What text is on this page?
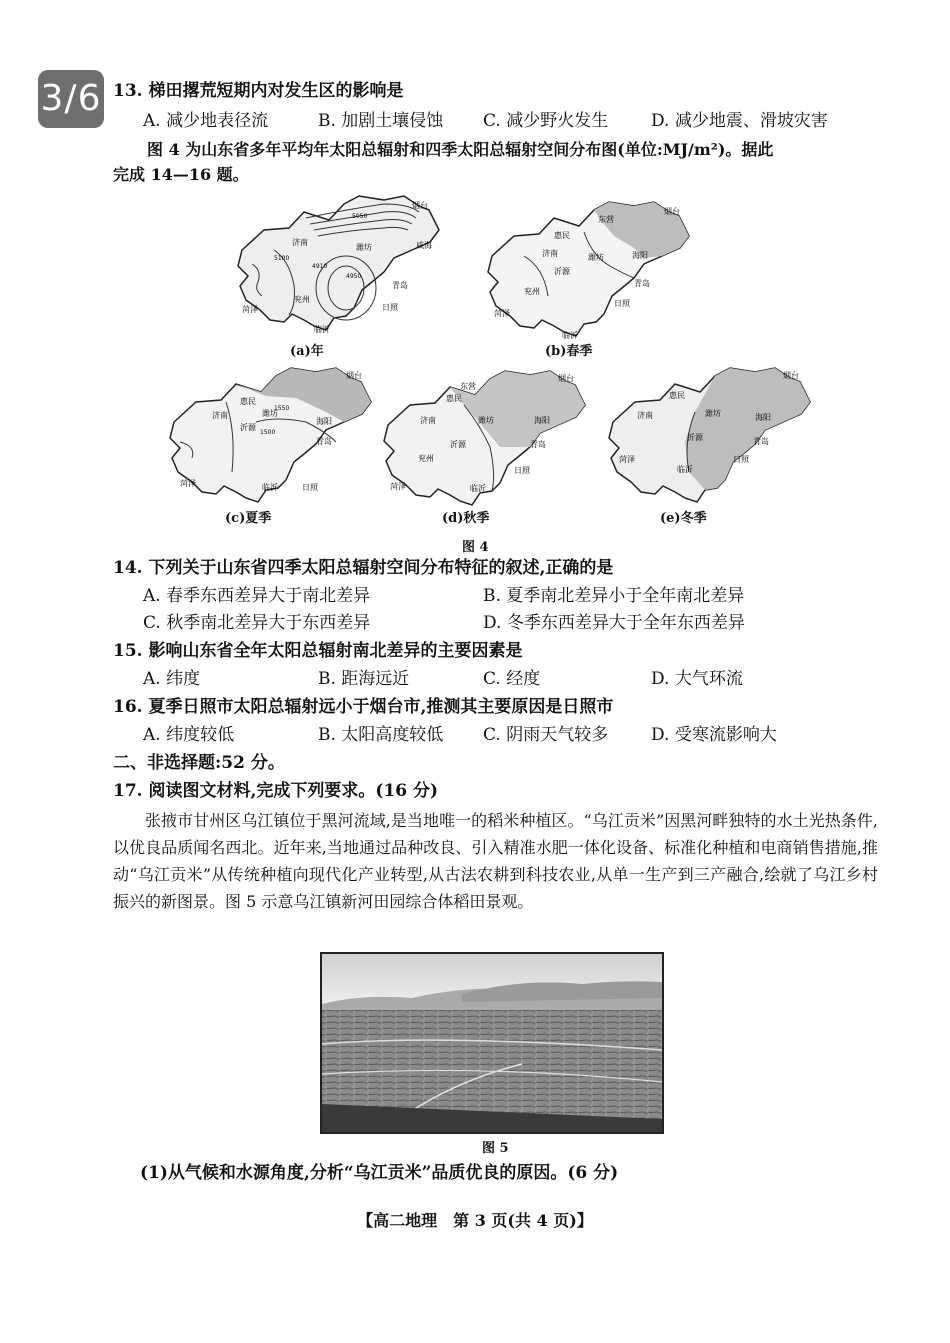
3/6 13. 梯田撂荒短期内对发生区的影响是
A. 减少地表径流	B. 加剧土壤侵蚀 C. 减少野火发生	D. 减少地震、滑坡灾害
图 4 为山东省多年平均年太阳总辐射和四季太阳总辐射空间分布图(单位:MJ/m²)。据此
完成 14—16 题。
济南
烟台
潍坊
兖州
临沂
日照
青岛
菏泽
威海
4910
4950
5050
5100
(a)年
东营
惠民
济南	潍坊
沂源
兖州
菏泽
临沂
日照
青岛
海阳
烟台
(b)春季
惠民
济南	潍坊
沂源
菏泽	临沂	日照
青岛
海阳
烟台
1550
1500
(c)夏季
东营
惠民
济南	潍坊
沂源
兖州
菏泽	临沂
日照
青岛
海阳
烟台
(d)秋季
惠民
济南	潍坊
沂源
菏泽
临沂
日照
青岛
海阳
烟台
(e)冬季
图 4
14. 下列关于山东省四季太阳总辐射空间分布特征的叙述,正确的是
A. 春季东西差异大于南北差异	B. 夏季南北差异小于全年南北差异
C. 秋季南北差异大于东西差异	D. 冬季东西差异大于全年东西差异
15. 影响山东省全年太阳总辐射南北差异的主要因素是
A. 纬度	B. 距海远近	C. 经度	D. 大气环流
16. 夏季日照市太阳总辐射远小于烟台市,推测其主要原因是日照市
A. 纬度较低	B. 太阳高度较低 C. 阴雨天气较多	D. 受寒流影响大
二、非选择题:52 分。
17. 阅读图文材料,完成下列要求。(16 分)
张掖市甘州区乌江镇位于黑河流域,是当地唯一的稻米种植区。“乌江贡米”因黑河畔独特的水土光热条件,以优良品质闻名西北。近年来,当地通过品种改良、引入精准水肥一体化设备、标准化种植和电商销售措施,推动“乌江贡米”从传统种植向现代化产业转型,从古法农耕到科技农业,从单一生产到三产融合,绘就了乌江乡村振兴的新图景。图 5 示意乌江镇新河田园综合体稻田景观。
图 5
(1)从气候和水源角度,分析“乌江贡米”品质优良的原因。(6 分)
【高二地理　第 3 页(共 4 页)】
